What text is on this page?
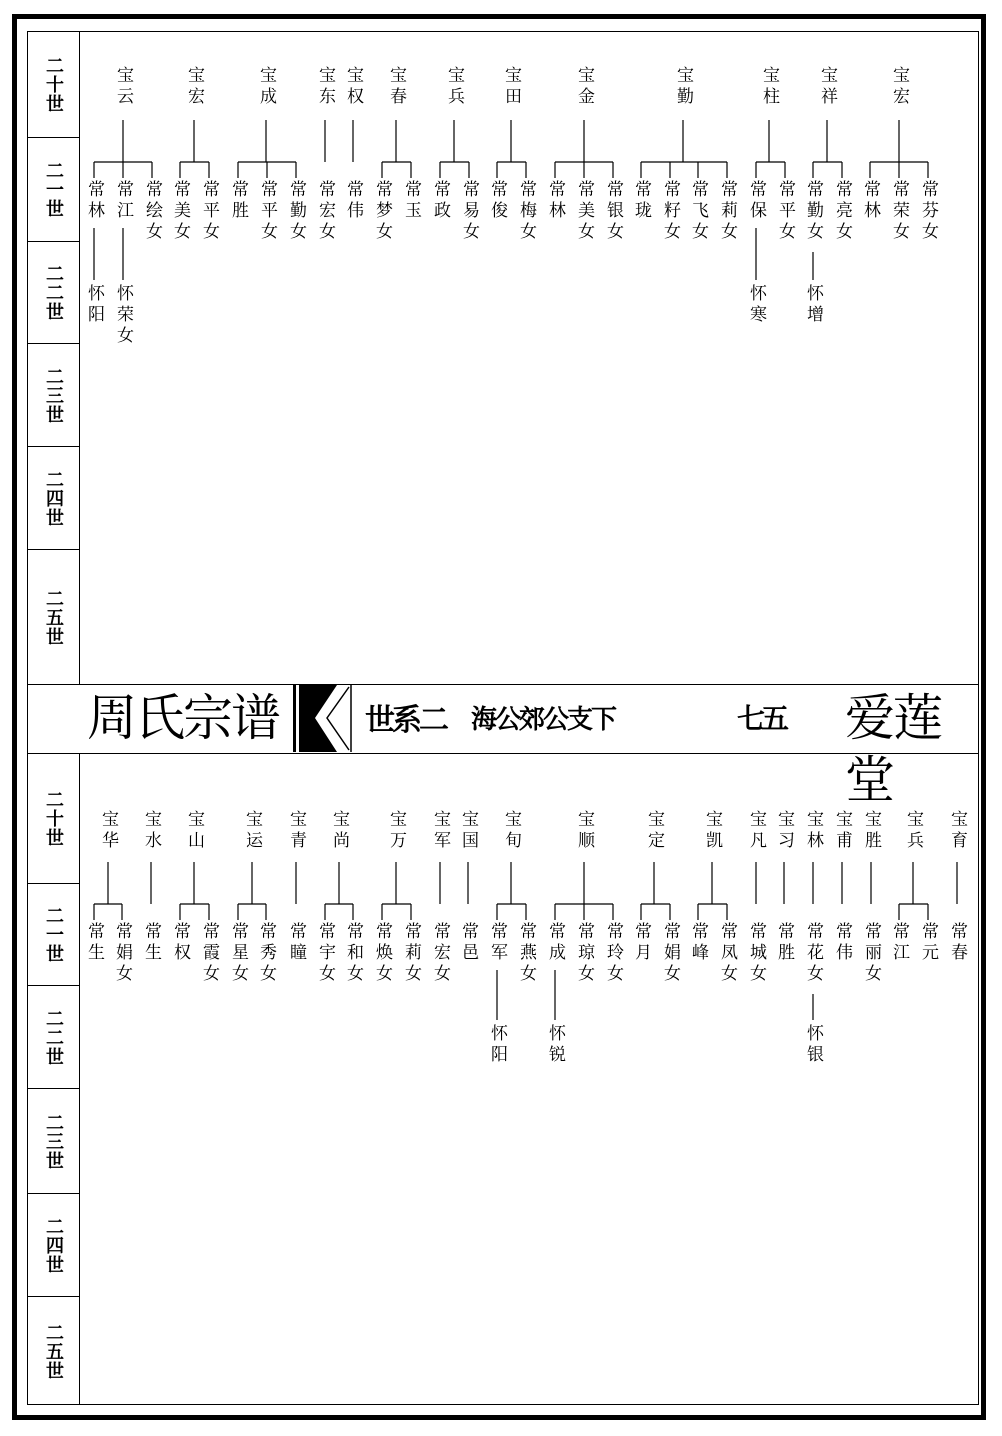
二十世
二一世
二二世
二三世
二四世
二五世
二十世
二一世
二二世
二三世
二四世
二五世
周氏宗谱	世系二 海公郊公支下	七五 爱莲堂
宝云
常林
怀阳
常江
怀荣女
常绘女
宝宏
常美女 常平女
宝成
常胜 常平女 常勤女
宝东
常宏女
宝权
常伟
宝春
常梦女 常玉
宝兵
常政 常易女
宝田
常俊 常梅女
宝金
常林 常美女 常银女
宝勤
常珑 常籽女 常飞女 常莉女
宝柱
常保
怀寒
常平女
宝祥
常勤女
怀增
常亮女
宝宏
常林 常荣女 常芬女
宝华
常生 常娟女
宝水
常生
宝山
常权 常霞女
宝运
常星女 常秀女
宝青
常瞳
宝尚
常宇女 常和女
宝万
常焕女 常莉女
宝军
常宏女
宝国
常邑
宝旬
常军
怀阳
常燕女
宝顺
常成
怀锐
常琼女 常玲女
宝定
常月 常娟女
宝凯
常峰 常凤女
宝凡
常城女
宝习
常胜
宝林
常花女
怀银
宝甫
常伟
宝胜
常丽女
宝兵
常江 常元
宝育
常春
